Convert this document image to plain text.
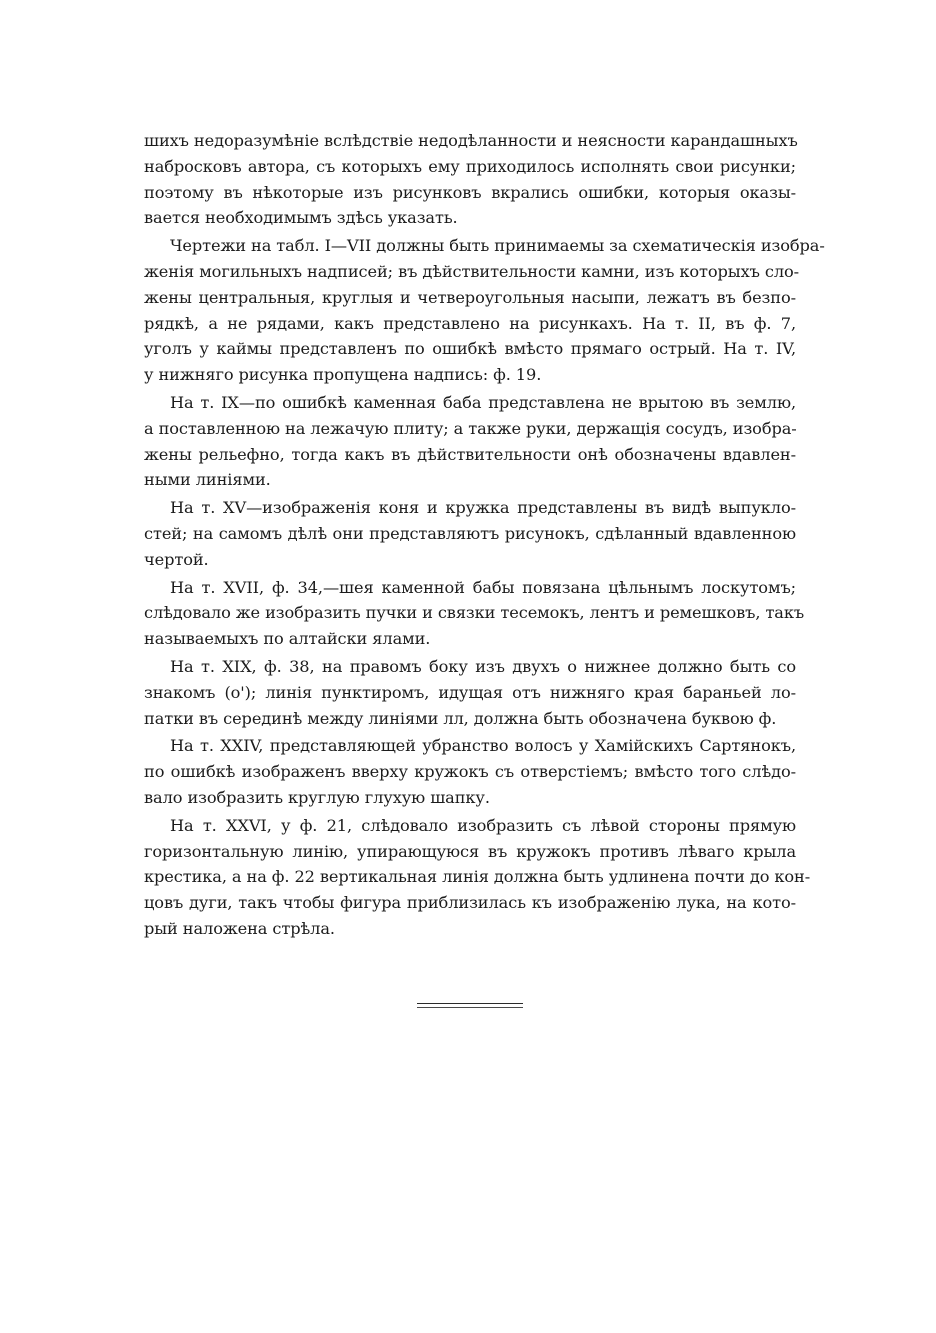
шихъ недоразумѣніе вслѣдствіе недодѣланности и неясности карандашныхъ
набросковъ автора, съ которыхъ ему приходилось исполнять свои рисунки;
поэтому въ нѣкоторые изъ рисунковъ вкрались ошибки, которыя оказы-
вается необходимымъ здѣсь указать.
Чертежи на табл. I—VII должны быть принимаемы за схематическія изобра-
женія могильныхъ надписей; въ дѣйствительности камни, изъ которыхъ сло-
жены центральныя, круглыя и четвероугольныя насыпи, лежатъ въ безпо-
рядкѣ, а не рядами, какъ представлено на рисункахъ. На т. II, въ ф. 7,
уголъ у каймы представленъ по ошибкѣ вмѣсто прямаго острый. На т. IV,
у нижняго рисунка пропущена надпись: ф. 19.
На т. IX—по ошибкѣ каменная баба представлена не врытою въ землю,
а поставленною на лежачую плиту; а также руки, держащія сосудъ, изобра-
жены рельефно, тогда какъ въ дѣйствительности онѣ обозначены вдавлен-
ными линіями.
На т. XV—изображенія коня и кружка представлены въ видѣ выпукло-
стей; на самомъ дѣлѣ они представляютъ рисунокъ, сдѣланный вдавленною
чертой.
На т. XVII, ф. 34,—шея каменной бабы повязана цѣльнымъ лоскутомъ;
слѣдовало же изобразить пучки и связки тесемокъ, лентъ и ремешковъ, такъ
называемыхъ по алтайски ялами.
На т. XIX, ф. 38, на правомъ боку изъ двухъ о нижнее должно быть со
знакомъ (о'); линія пунктиромъ, идущая отъ нижняго края бараньей ло-
патки въ серединѣ между линіями лл, должна быть обозначена буквою ф.
На т. XXIV, представляющей убранство волосъ у Хамійскихъ Сартянокъ,
по ошибкѣ изображенъ вверху кружокъ съ отверстіемъ; вмѣсто того слѣдо-
вало изобразить круглую глухую шапку.
На т. XXVI, у ф. 21, слѣдовало изобразить съ лѣвой стороны прямую
горизонтальную линію, упирающуюся въ кружокъ противъ лѣваго крыла
крестика, а на ф. 22 вертикальная линія должна быть удлинена почти до кон-
цовъ дуги, такъ чтобы фигура приблизилась къ изображенію лука, на кото-
рый наложена стрѣла.
